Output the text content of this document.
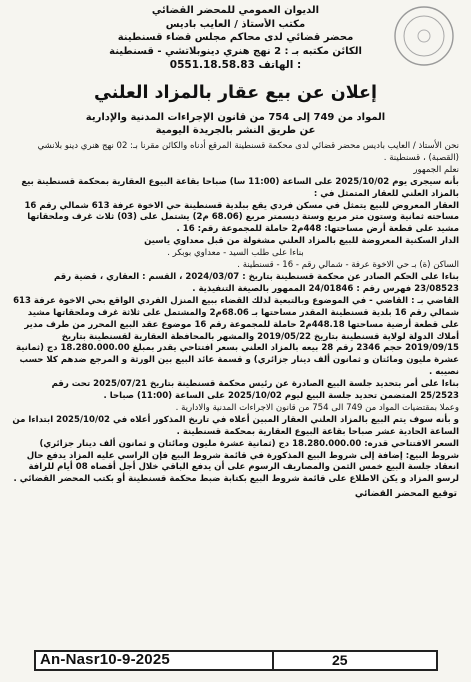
الديوان العمومي للمحضر القضائي
مكتب الأستاذ / العايب باديس
محضر قضائي لدى محاكم مجلس قضاء قسنطينة
الكائن مكتبه بـ : 2 نهج هنري دينوبلاتشي - قسنطينة
0551.18.58.83 الهاتف :
إعلان عن بيع عقار بالمزاد العلني
المواد من 749 إلى 754 من قانون الإجراءات المدنية والإدارية
عن طريق النشر بالجريدة اليومية

نحن الأستاذ / العايب باديس محضر قضائي لدى محكمة قسنطينة المرقع أدناه والكائن مقرنا بـ: 02 نهج هنري دينو بلانشي (القصبة) ، قسنطينة .

نعلم الجمهور

بأنه سيجرى يوم 2025/10/02 على الساعة (11:00 سا) صباحا بقاعة البيوع العقارية بمحكمة قسنطينة بيع بالمزاد العلني للعقار المتمثل في :

العقار المعروض للبيع يتمثل في مسكن فردي يقع ببلدية قسنطينة حي الاخوة عرفة 613 شمالي رقم 16 مساحته ثمانية وستون متر مربع وستة ديسمتر مربع (68.06 م2) يشتمل على (03) ثلاث غرف وملحقاتها مشيد على قطعة أرض مساحتها: 448م2 حاملة للمجموعة رقم: 16 .

الدار السكنية المعروضة للبيع بالمزاد العلني مشغولة من قبل معداوي ياسين

بناءا على طلب السيد - معداوي بوبكر .

الساكن (ة) بـ حي الاخوة عرفة - شمالي رقم - 16 - قسنطينة .

بناءا على الحكم الصادر عن محكمة قسنطينة بتاريخ : 2024/03/07 ، القسم : العقاري ، قضية رقم 23/08523 فهرس رقم : 24/01846 الممهور بالصيغة التنفيذية .

القاضي بـ : القاضي - في الموضوع وبالتبعية لذلك القضاء ببيع المنزل الفردي الواقع بحي الاخوة عرفة 613 شمالي رقم 16 بلدية قسنطينة المقدر مساحتها بـ 68.06م2 والمشتمل على ثلاثة غرف وملحقاتها مشيد على قطعة أرضية مساحتها 448.18م2 حاملة للمجموعة رقم 16 موضوع عقد البيع المحرر من طرف مدير أملاك الدولة لولاية قسنطينة بتاريخ 2019/05/22 والمشهر بالمحافظة العقارية لقسنطينة بتاريخ 2019/09/15 حجم 2346 رقم 28 بيعه بالمزاد العلني بسعر افتتاحي يقدر بمبلغ 18.280.000.00 دج (ثمانية عشرة مليون ومائتان و ثمانون ألف دينار جزائري) و قسمة عائد البيع بين الورثة و المرجع ضدهم كلا حسب نصيبه .

بناءا على أمر بتحديد جلسة البيع الصادرة عن رئيس محكمة قسنطينة بتاريخ 2025/07/21 تحت رقم 25/2523 المتضمن تحديد جلسة البيع ليوم 2025/10/02 على الساعة (11:00) صباحا .

وعملا بمقتضيات المواد من 749 الى 754 من قانون الاجراءات المدنية والادارية .

و بأنه سوف يتم البيع بالمزاد العلني العقار المبين أعلاه في تاريخ المذكور أعلاه في 2025/10/02 ابتداءا من الساعة الحادية عشر صباحا بقاعة البيوع العقارية بمحكمة قسنطينة .

السعر الافتتاحي قدره: 18.280.000.00 دج (ثمانية عشرة مليون ومائتان و ثمانون ألف دينار جزائري) شروط البيع: إضافة إلى شروط البيع المذكورة في قائمة شروط البيع فإن الراسي عليه المزاد يدفع حال انعقاد جلسة البيع خمس الثمن والمصاريف الرسوم على أن يدفع الباقي خلال أجل أقصاه 08 أيام للرافة لرسو المزاد و يكن الاطلاع على قائمة شروط البيع بكتابة ضبط محكمة قسنطينة أو بكتب المحضر القضائي .

توقيع المحضر القضائي
An-Nasr10-9-2025	25
